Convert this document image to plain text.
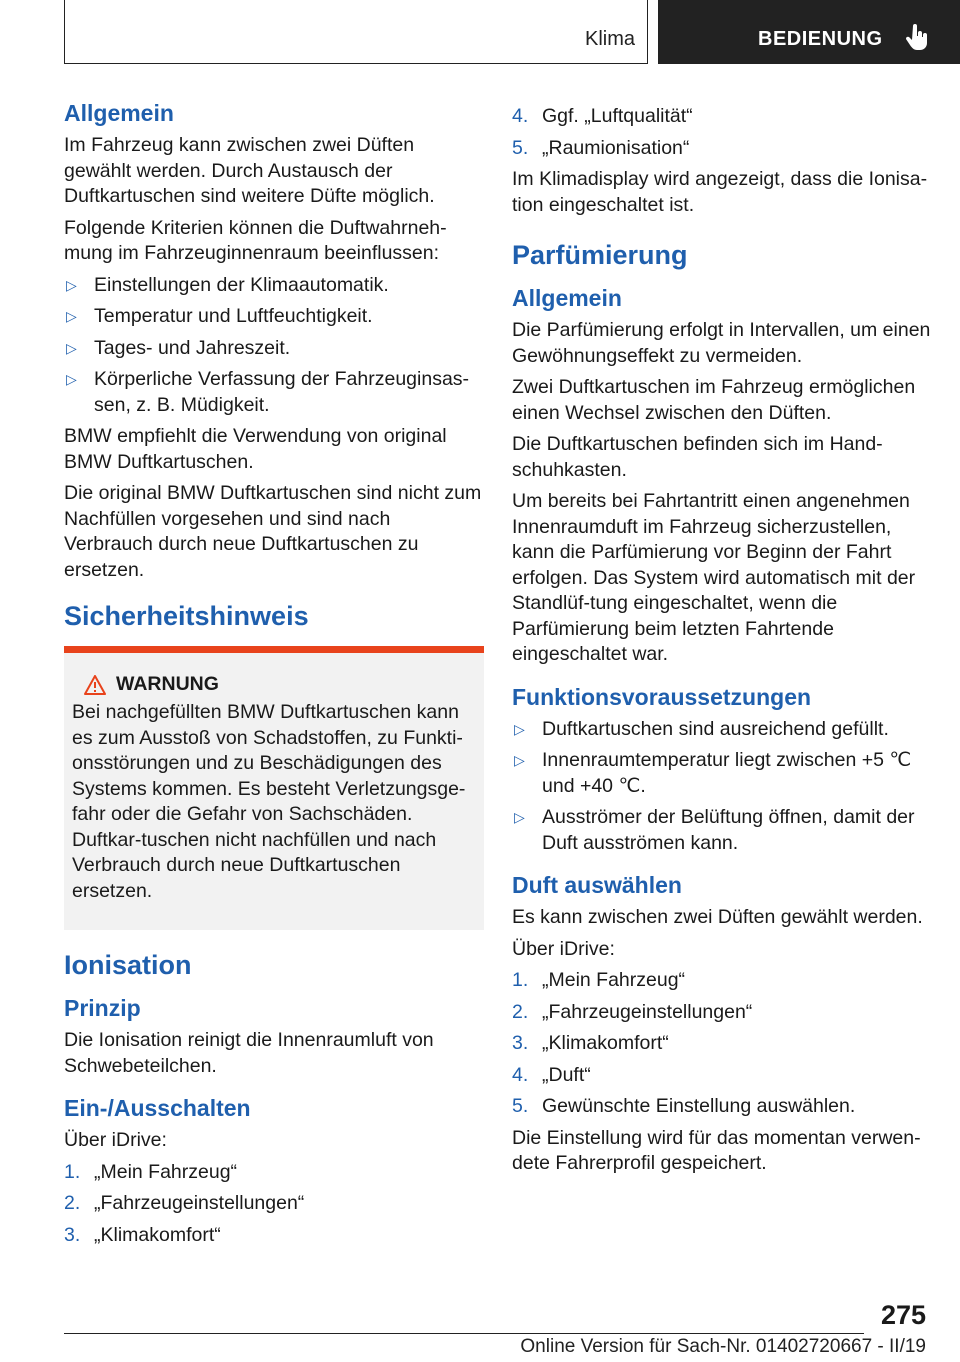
Klima	BEDIENUNG
Allgemein

Im Fahrzeug kann zwischen zwei Düften gewählt werden. Durch Austausch der Duftkartuschen sind weitere Düfte möglich.

Folgende Kriterien können die Duftwahrneh-mung im Fahrzeuginnenraum beeinflussen:

▷ Einstellungen der Klimaautomatik.
▷ Temperatur und Luftfeuchtigkeit.
▷ Tages- und Jahreszeit.
▷ Körperliche Verfassung der Fahrzeuginsas-sen, z. B. Müdigkeit.

BMW empfiehlt die Verwendung von original BMW Duftkartuschen.

Die original BMW Duftkartuschen sind nicht zum Nachfüllen vorgesehen und sind nach Verbrauch durch neue Duftkartuschen zu ersetzen.

Sicherheitshinweis
WARNUNG

Bei nachgefüllten BMW Duftkartuschen kann es zum Ausstoß von Schadstoffen, zu Funkti-onsstörungen und zu Beschädigungen des Systems kommen. Es besteht Verletzungsge-fahr oder die Gefahr von Sachschäden. Duftkar-tuschen nicht nachfüllen und nach Verbrauch durch neue Duftkartuschen ersetzen.

Ionisation
Prinzip

Die Ionisation reinigt die Innenraumluft von Schwebeteilchen.

Ein-/Ausschalten

Über iDrive:

1. „Mein Fahrzeug“
2. „Fahrzeugeinstellungen“
3. „Klimakomfort“
4. Ggf. „Luftqualität“
5. „Raumionisation“

Im Klimadisplay wird angezeigt, dass die Ionisa-tion eingeschaltet ist.

Parfümierung
Allgemein

Die Parfümierung erfolgt in Intervallen, um einen Gewöhnungseffekt zu vermeiden.

Zwei Duftkartuschen im Fahrzeug ermöglichen einen Wechsel zwischen den Düften.

Die Duftkartuschen befinden sich im Hand-schuhkasten.

Um bereits bei Fahrtantritt einen angenehmen Innenraumduft im Fahrzeug sicherzustellen, kann die Parfümierung vor Beginn der Fahrt erfolgen. Das System wird automatisch mit der Standlüf-tung eingeschaltet, wenn die Parfümierung beim letzten Fahrtende eingeschaltet war.

Funktionsvoraussetzungen
▷ Duftkartuschen sind ausreichend gefüllt.
▷ Innenraumtemperatur liegt zwischen +5 ℃ und +40 ℃.
▷ Ausströmer der Belüftung öffnen, damit der Duft ausströmen kann.
Duft auswählen

Es kann zwischen zwei Düften gewählt werden.

Über iDrive:

1. „Mein Fahrzeug“
2. „Fahrzeugeinstellungen“
3. „Klimakomfort“
4. „Duft“
5. Gewünschte Einstellung auswählen.

Die Einstellung wird für das momentan verwen-dete Fahrerprofil gespeichert.

275
Online Version für Sach-Nr. 01402720667 - II/19
